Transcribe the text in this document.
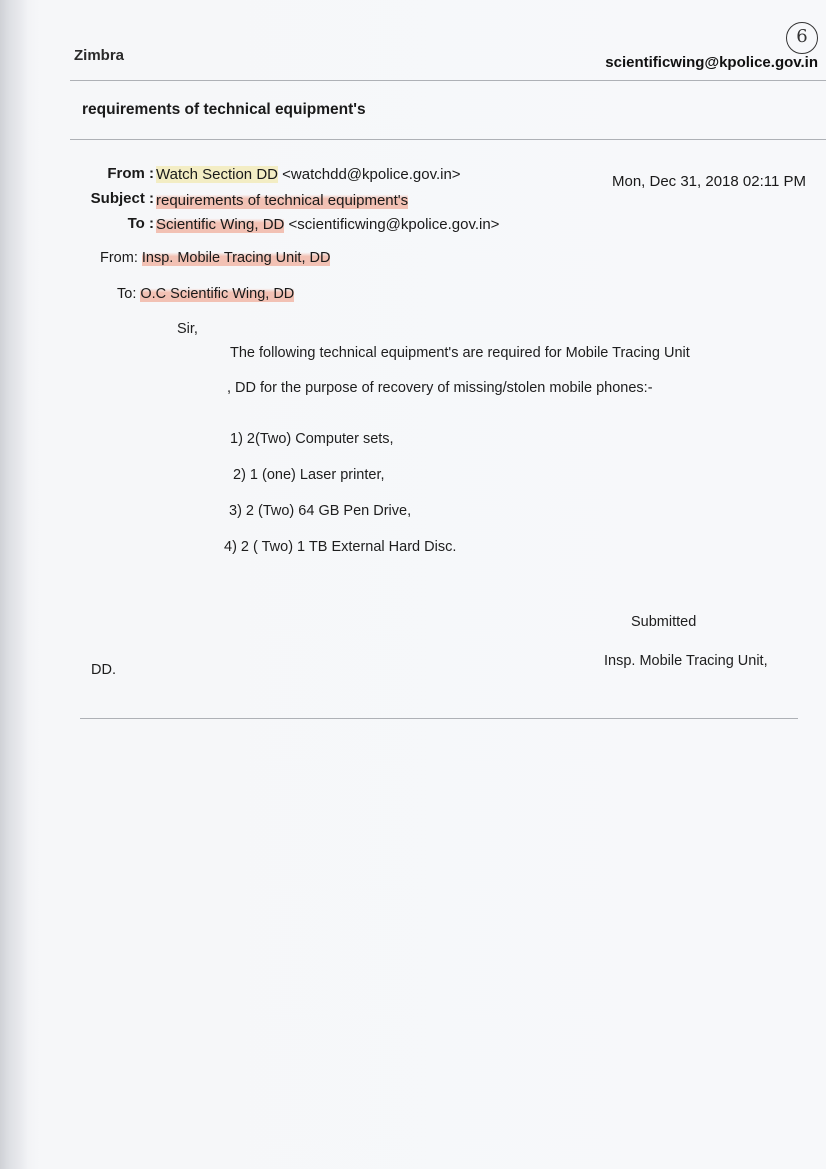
Zimbra	scientificwing@kpolice.gov.in
6
requirements of technical equipment's
From : Watch Section DD <watchdd@kpolice.gov.in>	Mon, Dec 31, 2018 02:11 PM
Subject : requirements of technical equipment's
To : Scientific Wing, DD <scientificwing@kpolice.gov.in>
From: Insp. Mobile Tracing Unit, DD
To: O.C Scientific Wing, DD
Sir,
The following technical equipment's are required for Mobile Tracing Unit
, DD for the purpose of recovery of missing/stolen mobile phones:-
1) 2(Two) Computer sets,
2) 1 (one) Laser printer,
3) 2 (Two) 64 GB Pen Drive,
4) 2 ( Two) 1 TB External Hard Disc.
Submitted
Insp. Mobile Tracing Unit,
DD.
